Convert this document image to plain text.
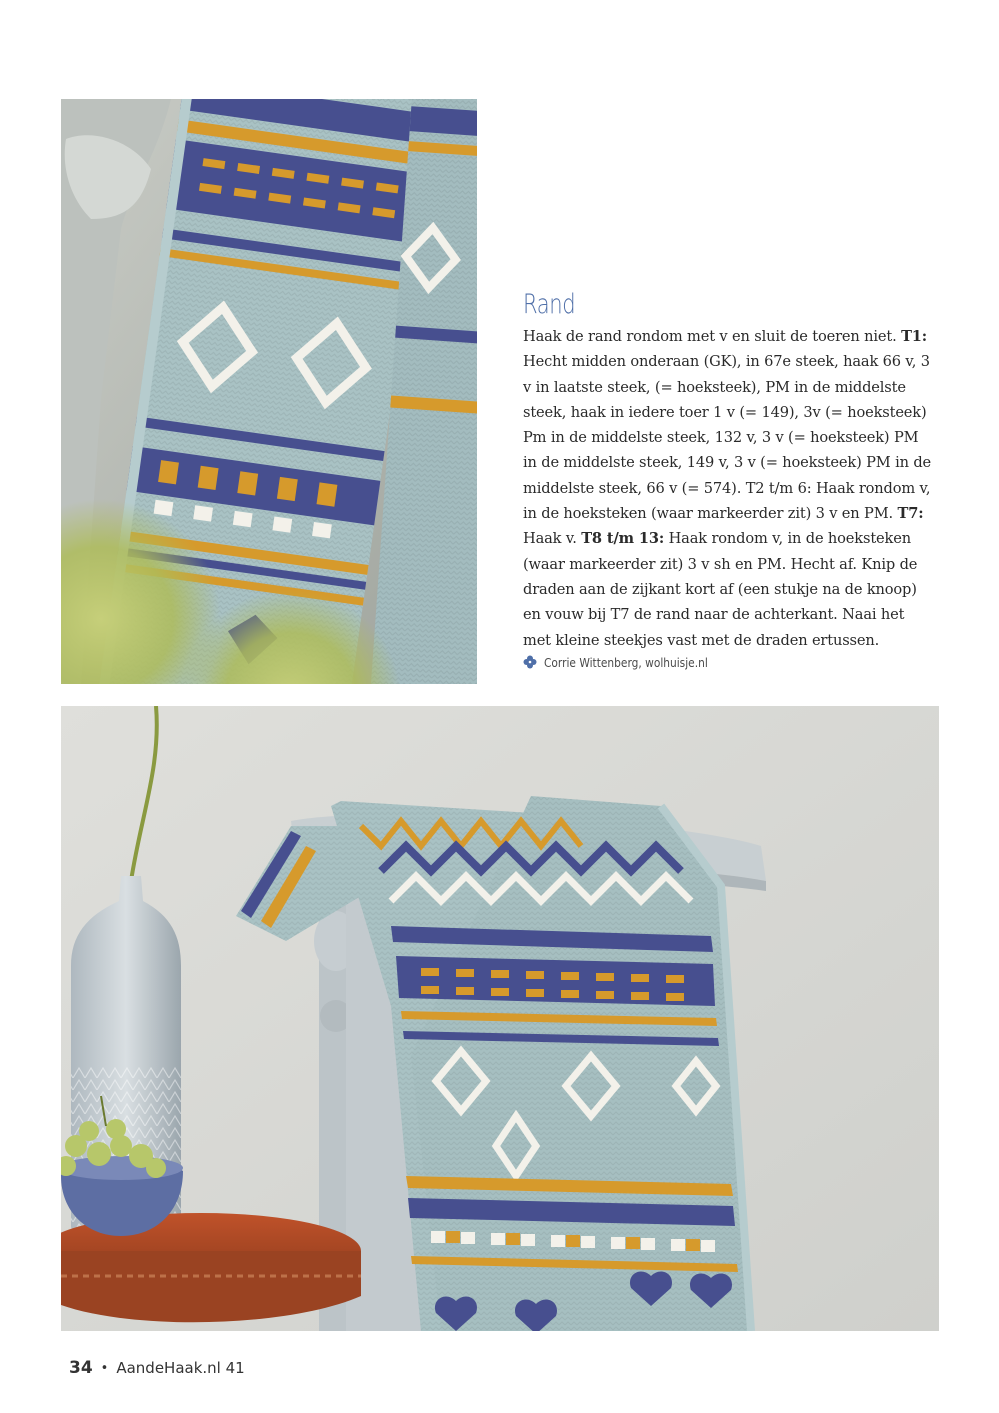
Rand

Haak de rand rondom met v en sluit de toeren niet. T1: Hecht midden onderaan (GK), in 67e steek, haak 66 v, 3 v in laatste steek, (= hoeksteek), PM in de middelste steek, haak in iedere toer 1 v (= 149), 3v (= hoeksteek) Pm in de middelste steek, 132 v, 3 v (= hoeksteek) PM in de middelste steek, 149 v, 3 v (= hoeksteek) PM in de middelste steek, 66 v (= 574). T2 t/m 6: Haak rondom v, in de hoeksteken (waar markeerder zit) 3 v en PM. T7: Haak v. T8 t/m 13: Haak rondom v, in de hoeksteken (waar markeerder zit) 3 v sh en PM. Hecht af. Knip de draden aan de zijkant kort af (een stukje na de knoop) en vouw bij T7 de rand naar de achterkant. Naai het met kleine steekjes vast met de draden ertussen.

Corrie Wittenberg, wolhuisje.nl
34 • AandeHaak.nl 41
